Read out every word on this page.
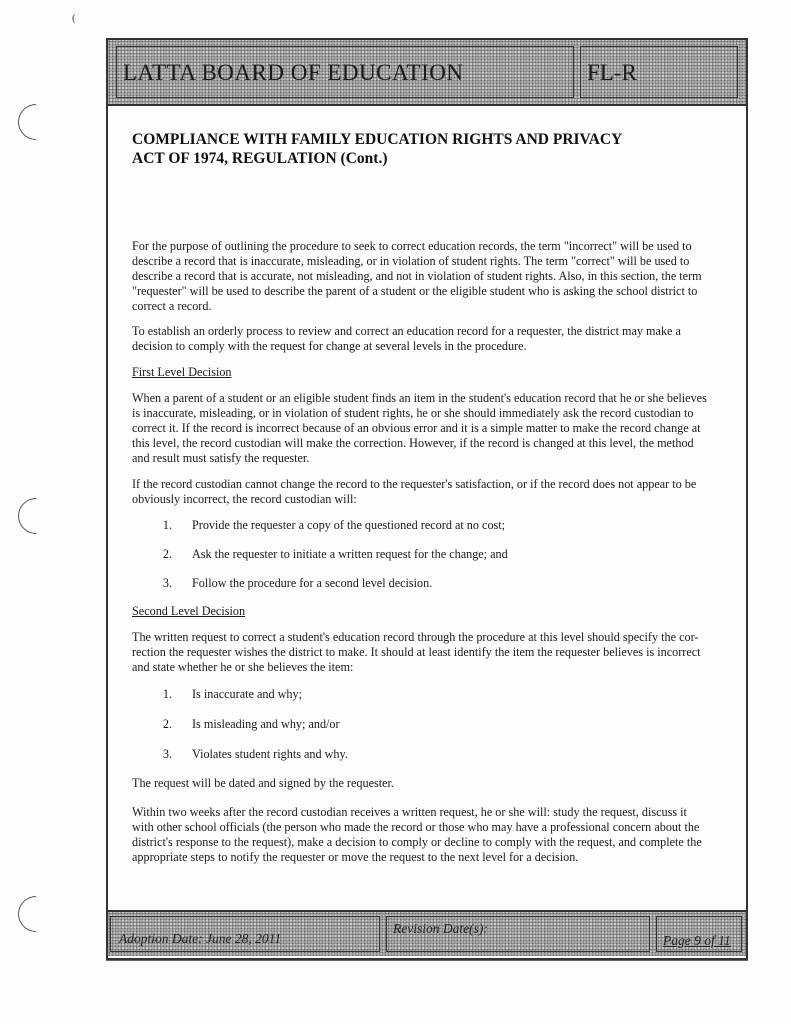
(
LATTA BOARD OF EDUCATION	FL-R
COMPLIANCE WITH FAMILY EDUCATION RIGHTS AND PRIVACY
ACT OF 1974, REGULATION (Cont.)

For the purpose of outlining the procedure to seek to correct education records, the term "incorrect" will be used to
describe a record that is inaccurate, misleading, or in violation of student rights. The term "correct" will be used to
describe a record that is accurate, not misleading, and not in violation of student rights. Also, in this section, the term
"requester" will be used to describe the parent of a student or the eligible student who is asking the school district to
correct a record.

To establish an orderly process to review and correct an education record for a requester, the district may make a
decision to comply with the request for change at several levels in the procedure.

First Level Decision

When a parent of a student or an eligible student finds an item in the student's education record that he or she believes
is inaccurate, misleading, or in violation of student rights, he or she should immediately ask the record custodian to
correct it. If the record is incorrect because of an obvious error and it is a simple matter to make the record change at
this level, the record custodian will make the correction. However, if the record is changed at this level, the method
and result must satisfy the requester.

If the record custodian cannot change the record to the requester's satisfaction, or if the record does not appear to be
obviously incorrect, the record custodian will:

1.	Provide the requester a copy of the questioned record at no cost;
2.	Ask the requester to initiate a written request for the change; and
3.	Follow the procedure for a second level decision.

Second Level Decision

The written request to correct a student's education record through the procedure at this level should specify the cor-
rection the requester wishes the district to make. It should at least identify the item the requester believes is incorrect
and state whether he or she believes the item:

1.	Is inaccurate and why;
2.	Is misleading and why; and/or
3.	Violates student rights and why.

The request will be dated and signed by the requester.

Within two weeks after the record custodian receives a written request, he or she will: study the request, discuss it
with other school officials (the person who made the record or those who may have a professional concern about the
district's response to the request), make a decision to comply or decline to comply with the request, and complete the
appropriate steps to notify the requester or move the request to the next level for a decision.

Adoption Date: June 28, 2011
Revision Date(s):
Page 9 of 11
